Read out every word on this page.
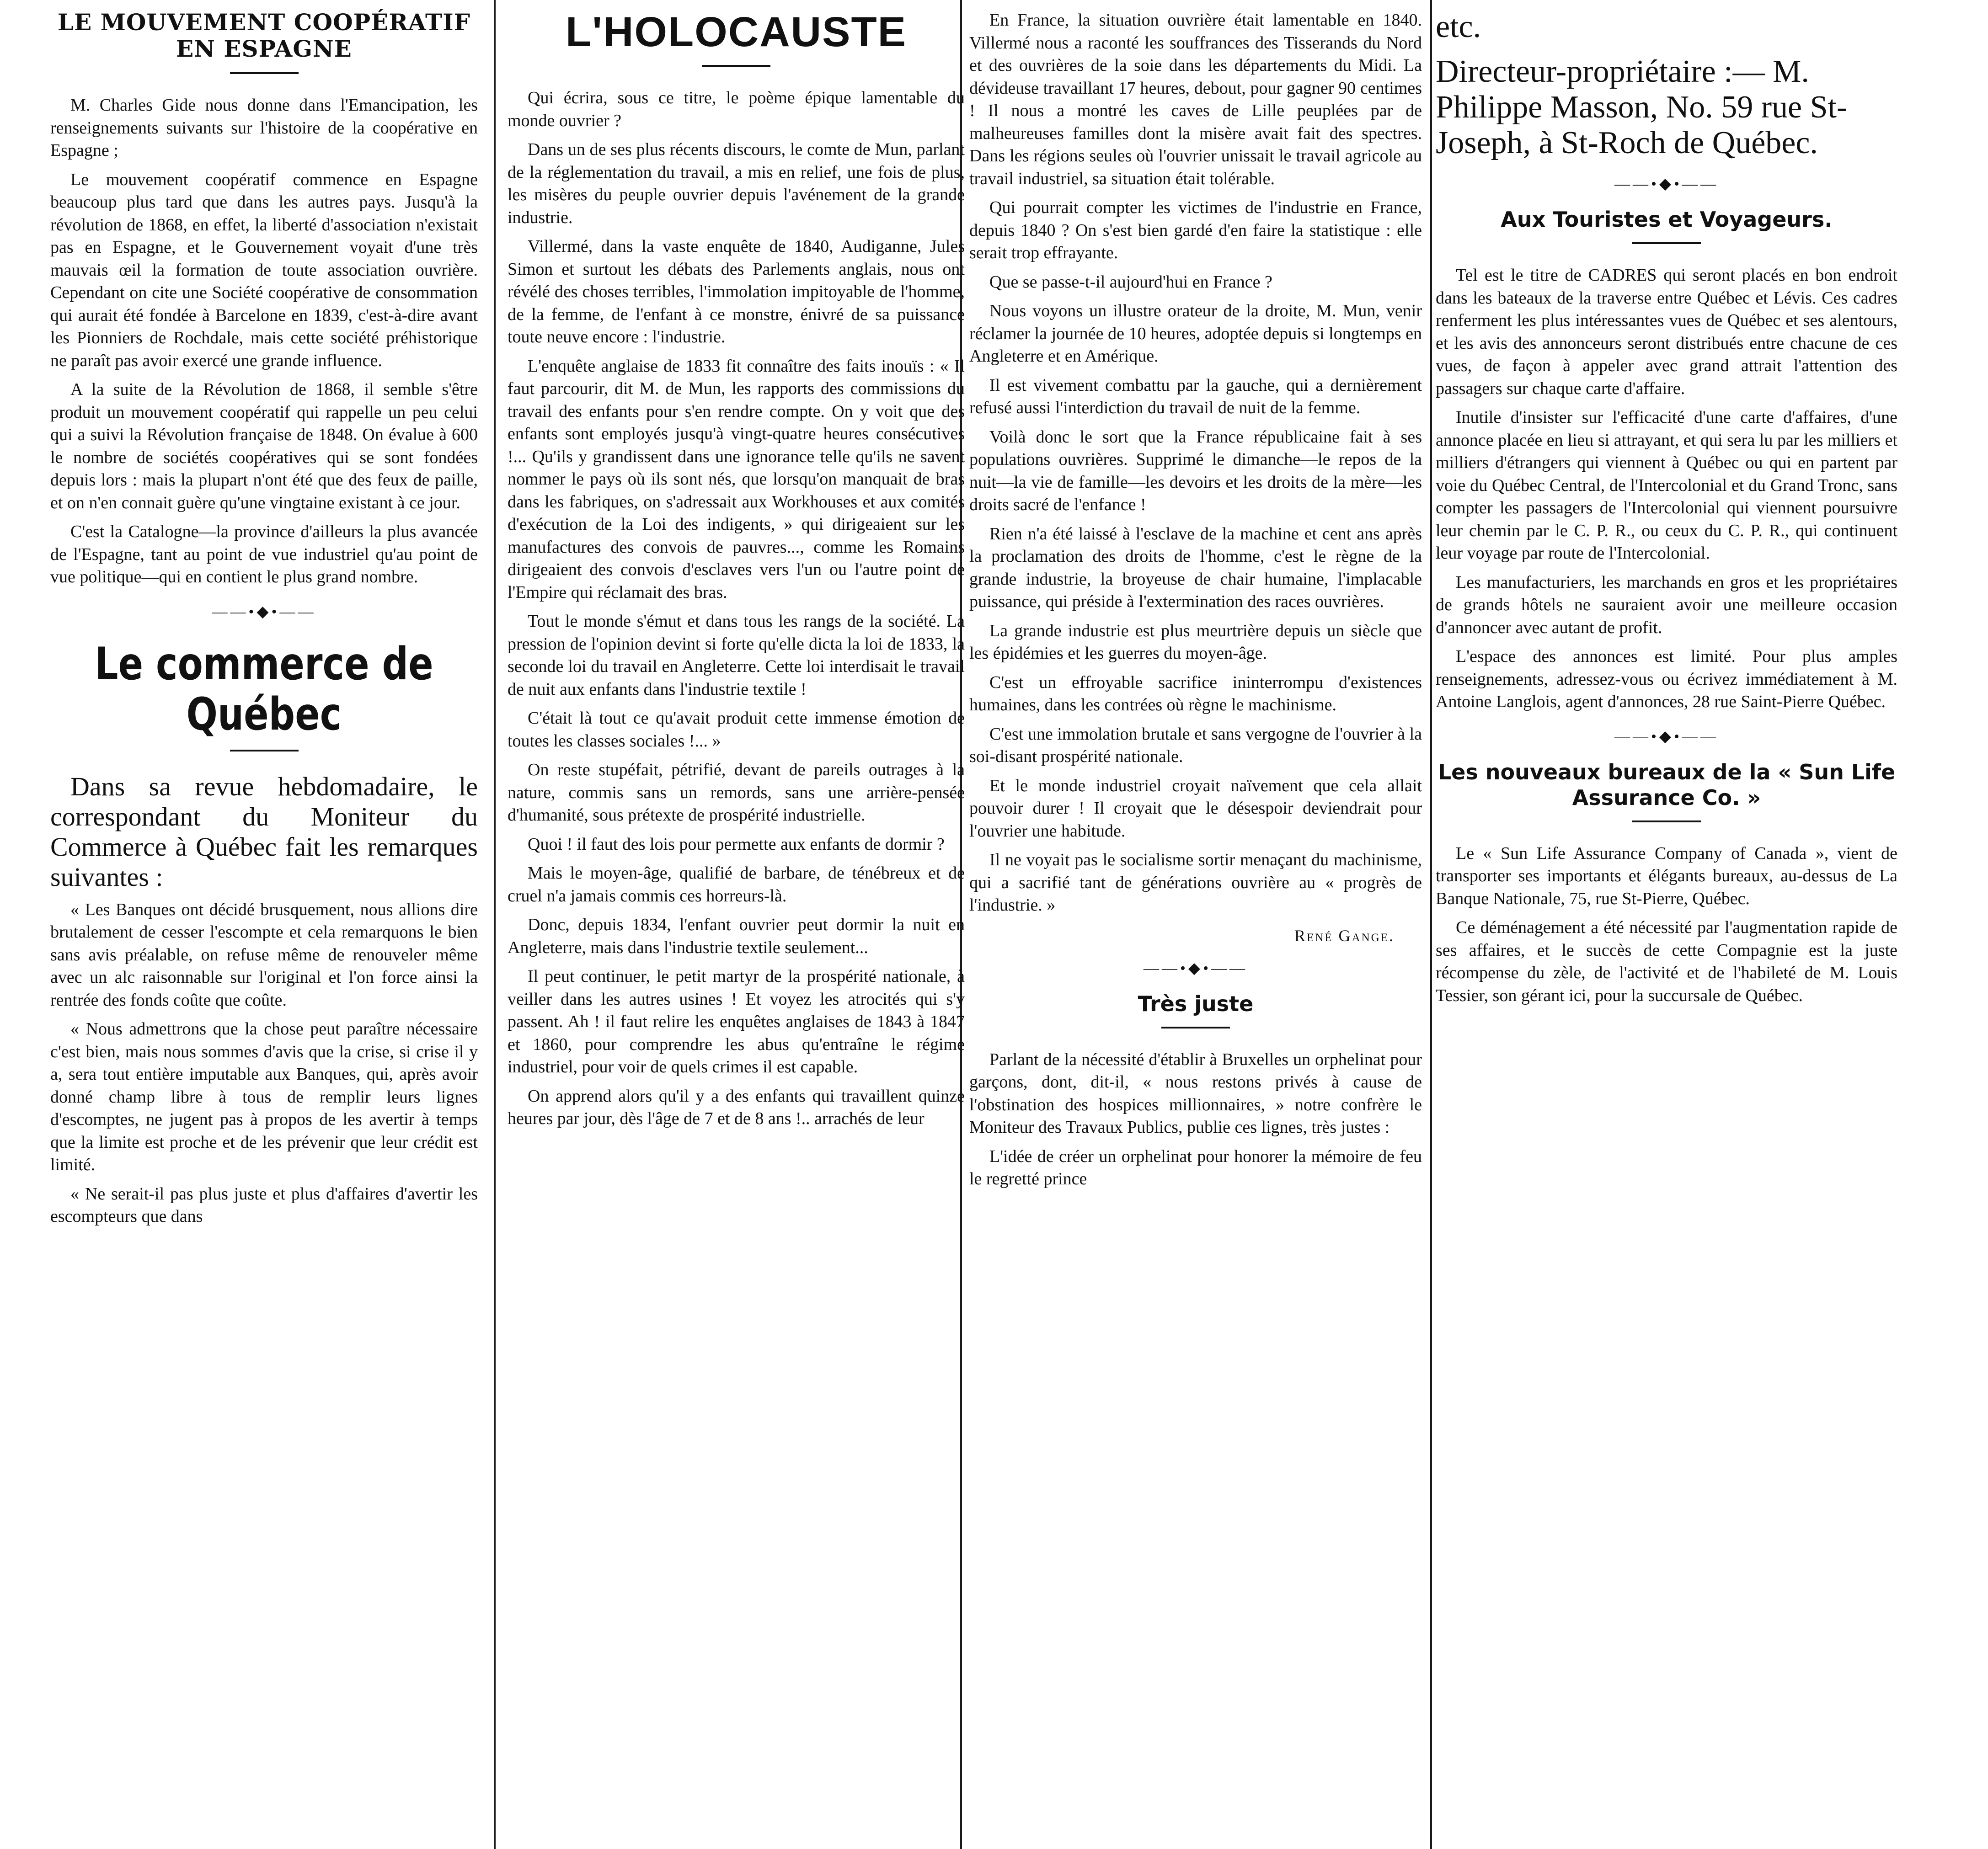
LE MOUVEMENT COOPÉRATIF
EN ESPAGNE

M. Charles Gide nous donne dans l'Emancipation, les renseignements suivants sur l'histoire de la coopérative en Espagne ;

Le mouvement coopératif commence en Espagne beaucoup plus tard que dans les autres pays. Jusqu'à la révolution de 1868, en effet, la liberté d'association n'existait pas en Espagne, et le Gouvernement voyait d'une très mauvais œil la formation de toute association ouvrière. Cependant on cite une Société coopérative de consommation qui aurait été fondée à Barcelone en 1839, c'est-à-dire avant les Pionniers de Rochdale, mais cette société préhistorique ne paraît pas avoir exercé une grande influence.

A la suite de la Révolution de 1868, il semble s'être produit un mouvement coopératif qui rappelle un peu celui qui a suivi la Révolution française de 1848. On évalue à 600 le nombre de sociétés coopératives qui se sont fondées depuis lors : mais la plupart n'ont été que des feux de paille, et on n'en connait guère qu'une vingtaine existant à ce jour.

C'est la Catalogne—la province d'ailleurs la plus avancée de l'Espagne, tant au point de vue industriel qu'au point de vue politique—qui en contient le plus grand nombre.

——•◆•——
Le commerce de Québec

Dans sa revue hebdomadaire, le correspondant du Moniteur du Commerce à Québec fait les remarques suivantes :

« Les Banques ont décidé brusquement, nous allions dire brutalement de cesser l'escompte et cela remarquons le bien sans avis préalable, on refuse même de renouveler même avec un alc raisonnable sur l'original et l'on force ainsi la rentrée des fonds coûte que coûte.

« Nous admettrons que la chose peut paraître nécessaire c'est bien, mais nous sommes d'avis que la crise, si crise il y a, sera tout entière imputable aux Banques, qui, après avoir donné champ libre à tous de remplir leurs lignes d'escomptes, ne jugent pas à propos de les avertir à temps que la limite est proche et de les prévenir que leur crédit est limité.

« Ne serait-il pas plus juste et plus d'affaires d'avertir les escompteurs que dans

L'HOLOCAUSTE

Qui écrira, sous ce titre, le poème épique lamentable du monde ouvrier ?

Dans un de ses plus récents discours, le comte de Mun, parlant de la réglementation du travail, a mis en relief, une fois de plus, les misères du peuple ouvrier depuis l'avénement de la grande industrie.

Villermé, dans la vaste enquête de 1840, Audiganne, Jules Simon et surtout les débats des Parlements anglais, nous ont révélé des choses terribles, l'immolation impitoyable de l'homme, de la femme, de l'enfant à ce monstre, énivré de sa puissance toute neuve encore : l'industrie.

L'enquête anglaise de 1833 fit connaître des faits inouïs : « Il faut parcourir, dit M. de Mun, les rapports des commissions du travail des enfants pour s'en rendre compte. On y voit que des enfants sont employés jusqu'à vingt-quatre heures consécutives !... Qu'ils y grandissent dans une ignorance telle qu'ils ne savent nommer le pays où ils sont nés, que lorsqu'on manquait de bras dans les fabriques, on s'adressait aux Workhouses et aux comités d'exécution de la Loi des indigents, » qui dirigeaient sur les manufactures des convois de pauvres..., comme les Romains dirigeaient des convois d'esclaves vers l'un ou l'autre point de l'Empire qui réclamait des bras.

Tout le monde s'émut et dans tous les rangs de la société. La pression de l'opinion devint si forte qu'elle dicta la loi de 1833, la seconde loi du travail en Angleterre. Cette loi interdisait le travail de nuit aux enfants dans l'industrie textile !

C'était là tout ce qu'avait produit cette immense émotion de toutes les classes sociales !... »

On reste stupéfait, pétrifié, devant de pareils outrages à la nature, commis sans un remords, sans une arrière-pensée d'humanité, sous prétexte de prospérité industrielle.

Quoi ! il faut des lois pour permette aux enfants de dormir ?

Mais le moyen-âge, qualifié de barbare, de ténébreux et de cruel n'a jamais commis ces horreurs-là.

Donc, depuis 1834, l'enfant ouvrier peut dormir la nuit en Angleterre, mais dans l'industrie textile seulement...

Il peut continuer, le petit martyr de la prospérité nationale, à veiller dans les autres usines ! Et voyez les atrocités qui s'y passent. Ah ! il faut relire les enquêtes anglaises de 1843 à 1847 et 1860, pour comprendre les abus qu'entraîne le régime industriel, pour voir de quels crimes il est capable.

On apprend alors qu'il y a des enfants qui travaillent quinze heures par jour, dès l'âge de 7 et de 8 ans !.. arrachés de leur

En France, la situation ouvrière était lamentable en 1840. Villermé nous a raconté les souffrances des Tisserands du Nord et des ouvrières de la soie dans les départements du Midi. La dévideuse travaillant 17 heures, debout, pour gagner 90 centimes ! Il nous a montré les caves de Lille peuplées par de malheureuses familles dont la misère avait fait des spectres. Dans les régions seules où l'ouvrier unissait le travail agricole au travail industriel, sa situation était tolérable.

Qui pourrait compter les victimes de l'industrie en France, depuis 1840 ? On s'est bien gardé d'en faire la statistique : elle serait trop effrayante.

Que se passe-t-il aujourd'hui en France ?

Nous voyons un illustre orateur de la droite, M. Mun, venir réclamer la journée de 10 heures, adoptée depuis si longtemps en Angleterre et en Amérique.

Il est vivement combattu par la gauche, qui a dernièrement refusé aussi l'interdiction du travail de nuit de la femme.

Voilà donc le sort que la France républicaine fait à ses populations ouvrières. Supprimé le dimanche—le repos de la nuit—la vie de famille—les devoirs et les droits de la mère—les droits sacré de l'enfance !

Rien n'a été laissé à l'esclave de la machine et cent ans après la proclamation des droits de l'homme, c'est le règne de la grande industrie, la broyeuse de chair humaine, l'implacable puissance, qui préside à l'extermination des races ouvrières.

La grande industrie est plus meurtrière depuis un siècle que les épidémies et les guerres du moyen-âge.

C'est un effroyable sacrifice ininterrompu d'existences humaines, dans les contrées où règne le machinisme.

C'est une immolation brutale et sans vergogne de l'ouvrier à la soi-disant prospérité nationale.

Et le monde industriel croyait naïvement que cela allait pouvoir durer ! Il croyait que le désespoir deviendrait pour l'ouvrier une habitude.

Il ne voyait pas le socialisme sortir menaçant du machinisme, qui a sacrifié tant de générations ouvrière au « progrès de l'industrie. »

René Gange.
——•◆•——
Très juste

Parlant de la nécessité d'établir à Bruxelles un orphelinat pour garçons, dont, dit-il, « nous restons privés à cause de l'obstination des hospices millionnaires, » notre confrère le Moniteur des Travaux Publics, publie ces lignes, très justes :

L'idée de créer un orphelinat pour honorer la mémoire de feu le regretté prince

etc.
Directeur-propriétaire :— M. Philippe Masson, No. 59 rue St-Joseph, à St-Roch de Québec.
——•◆•——
Aux Touristes et Voyageurs.

Tel est le titre de CADRES qui seront placés en bon endroit dans les bateaux de la traverse entre Québec et Lévis. Ces cadres renferment les plus intéressantes vues de Québec et ses alentours, et les avis des annonceurs seront distribués entre chacune de ces vues, de façon à appeler avec grand attrait l'attention des passagers sur chaque carte d'affaire.

Inutile d'insister sur l'efficacité d'une carte d'affaires, d'une annonce placée en lieu si attrayant, et qui sera lu par les milliers et milliers d'étrangers qui viennent à Québec ou qui en partent par voie du Québec Central, de l'Intercolonial et du Grand Tronc, sans compter les passagers de l'Intercolonial qui viennent poursuivre leur chemin par le C. P. R., ou ceux du C. P. R., qui continuent leur voyage par route de l'Intercolonial.

Les manufacturiers, les marchands en gros et les propriétaires de grands hôtels ne sauraient avoir une meilleure occasion d'annoncer avec autant de profit.

L'espace des annonces est limité. Pour plus amples renseignements, adressez-vous ou écrivez immédiatement à M. Antoine Langlois, agent d'annonces, 28 rue Saint-Pierre Québec.

——•◆•——
Les nouveaux bureaux de la « Sun Life Assurance Co. »

Le « Sun Life Assurance Company of Canada », vient de transporter ses importants et élégants bureaux, au-dessus de La Banque Nationale, 75, rue St-Pierre, Québec.

Ce déménagement a été nécessité par l'augmentation rapide de ses affaires, et le succès de cette Compagnie est la juste récompense du zèle, de l'activité et de l'habileté de M. Louis Tessier, son gérant ici, pour la succursale de Québec.
